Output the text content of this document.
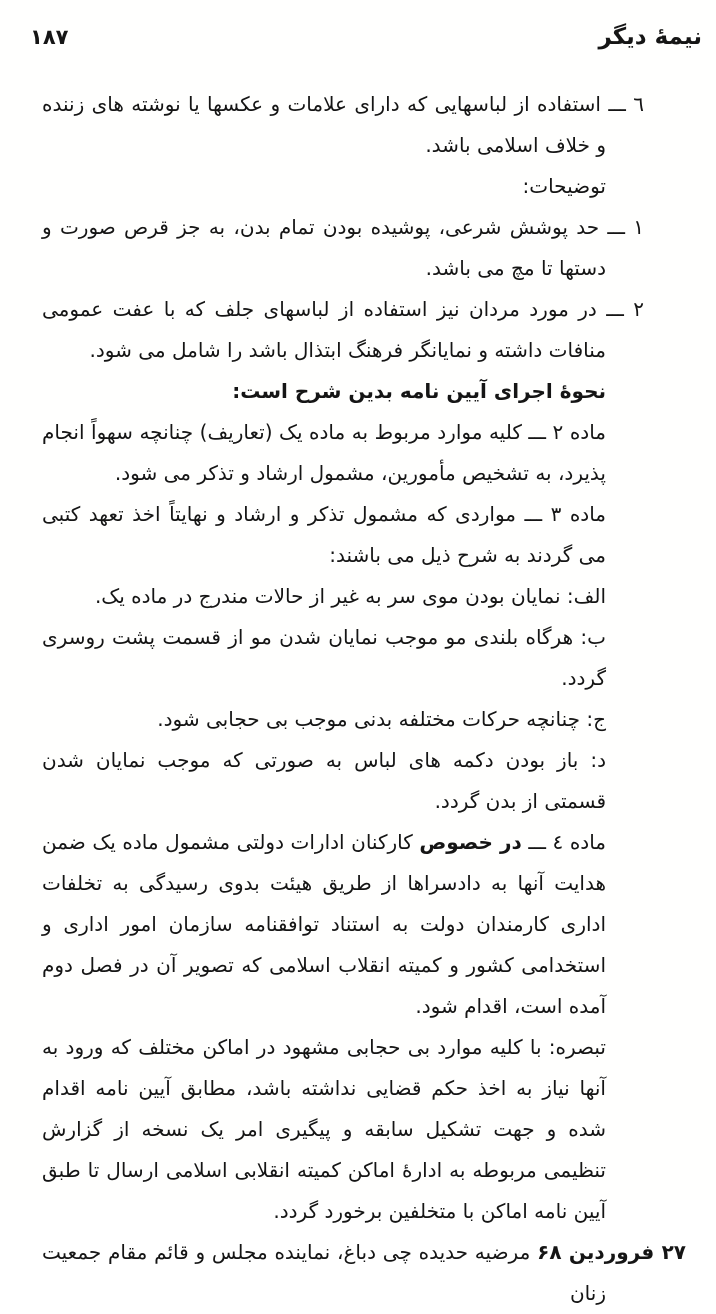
نیمهٔ دیگر
۱۸۷

٦ ـــ استفاده از لباسهایی که دارای علامات و عکسها یا نوشته های زننده و خلاف اسلامی باشد.

توضیحات:

۱ ـــ حد پوشش شرعی، پوشیده بودن تمام بدن، به جز قرص صورت و دستها تا مچ می باشد.

۲ ـــ در مورد مردان نیز استفاده از لباسهای جلف که با عفت عمومی منافات داشته و نمایانگر فرهنگ ابتذال باشد را شامل می شود.

نحوهٔ اجرای آیین نامه بدین شرح است:

ماده ۲ ـــ کلیه موارد مربوط به ماده یک (تعاریف) چنانچه سهواً انجام پذیرد، به تشخیص مأمورین، مشمول ارشاد و تذکر می شود.

ماده ۳ ـــ مواردی که مشمول تذکر و ارشاد و نهایتاً اخذ تعهد کتبی می گردند به شرح ذیل می باشند:

الف: نمایان بودن موی سر به غیر از حالات مندرج در ماده یک.

ب: هرگاه بلندی مو موجب نمایان شدن مو از قسمت پشت روسری گردد.

ج: چنانچه حرکات مختلفه بدنی موجب بی حجابی شود.

د: باز بودن دکمه های لباس به صورتی که موجب نمایان شدن قسمتی از بدن گردد.

ماده ٤ ـــ در خصوص کارکنان ادارات دولتی مشمول ماده یک ضمن هدایت آنها به دادسراها از طریق هیئت بدوی رسیدگی به تخلفات اداری کارمندان دولت به استناد توافقنامه سازمان امور اداری و استخدامی کشور و کمیته انقلاب اسلامی که تصویر آن در فصل دوم آمده است، اقدام شود.

تبصره: با کلیه موارد بی حجابی مشهود در اماکن مختلف که ورود به آنها نیاز به اخذ حکم قضایی نداشته باشد، مطابق آیین نامه اقدام شده و جهت تشکیل سابقه و پیگیری امر یک نسخه از گزارش تنظیمی مربوطه به ادارهٔ اماکن کمیته انقلابی اسلامی ارسال تا طبق آیین نامه اماکن با متخلفین برخورد گردد.

۲۷ فروردین ۶۸ مرضیه حدیده چی دباغ، نماینده مجلس و قائم مقام جمعیت زنان
